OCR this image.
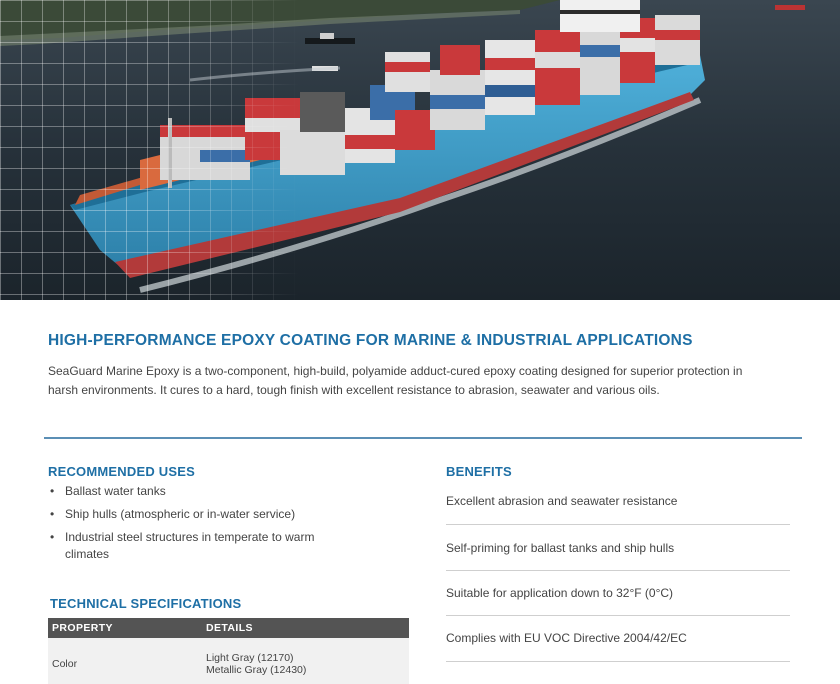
HIGH-PERFORMANCE EPOXY COATING FOR MARINE & INDUSTRIAL APPLICATIONS

SeaGuard Marine Epoxy is a two-component, high-build, polyamide adduct-cured epoxy coating designed for superior protection in harsh environments. It cures to a hard, tough finish with excellent resistance to abrasion, seawater and various oils.

RECOMMENDED USES
• Ballast water tanks
• Ship hulls (atmospheric or in-water service)
• Industrial steel structures in temperate to warm climates
TECHNICAL SPECIFICATIONS
PROPERTY	DETAILS
Color	Light Gray (12170)
Metallic Gray (12430)
BENEFITS
Excellent abrasion and seawater resistance
Self-priming for ballast tanks and ship hulls
Suitable for application down to 32°F (0°C)
Complies with EU VOC Directive 2004/42/EC
